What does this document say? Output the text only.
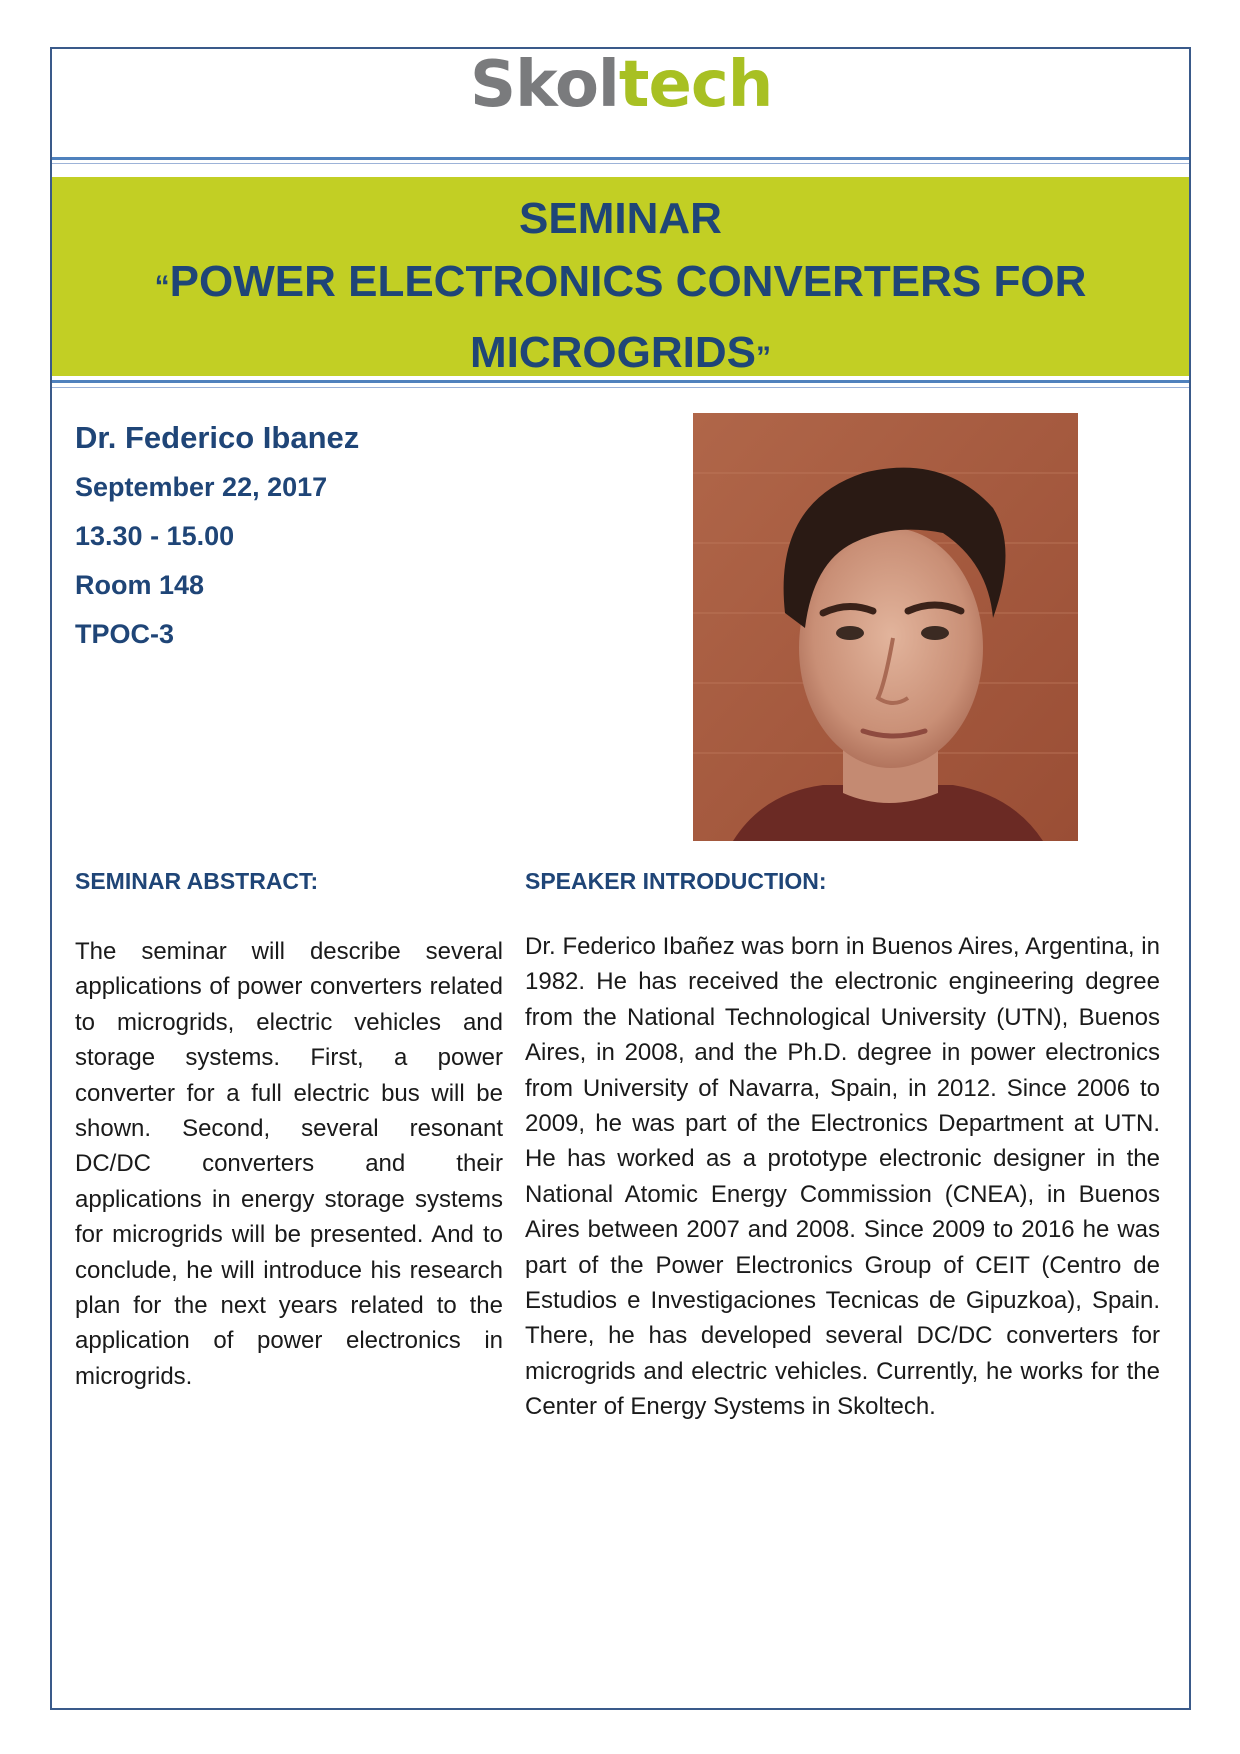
Skoltech
SEMINAR
“POWER ELECTRONICS CONVERTERS FOR MICROGRIDS”
Dr. Federico Ibanez
September 22, 2017
13.30 - 15.00
Room 148
TPOC-3
SEMINAR ABSTRACT:	SPEAKER INTRODUCTION:

The seminar will describe several applications of power converters related to microgrids, electric vehicles and storage systems. First, a power converter for a full electric bus will be shown. Second, several resonant DC/DC converters and their applications in energy storage systems for microgrids will be presented. And to conclude, he will introduce his research plan for the next years related to the application of power electronics in microgrids.

Dr. Federico Ibañez was born in Buenos Aires, Argentina, in 1982. He has received the electronic engineering degree from the National Technological University (UTN), Buenos Aires, in 2008, and the Ph.D. degree in power electronics from University of Navarra, Spain, in 2012. Since 2006 to 2009, he was part of the Electronics Department at UTN. He has worked as a prototype electronic designer in the National Atomic Energy Commission (CNEA), in Buenos Aires between 2007 and 2008. Since 2009 to 2016 he was part of the Power Electronics Group of CEIT (Centro de Estudios e Investigaciones Tecnicas de Gipuzkoa), Spain. There, he has developed several DC/DC converters for microgrids and electric vehicles. Currently, he works for the Center of Energy Systems in Skoltech.
